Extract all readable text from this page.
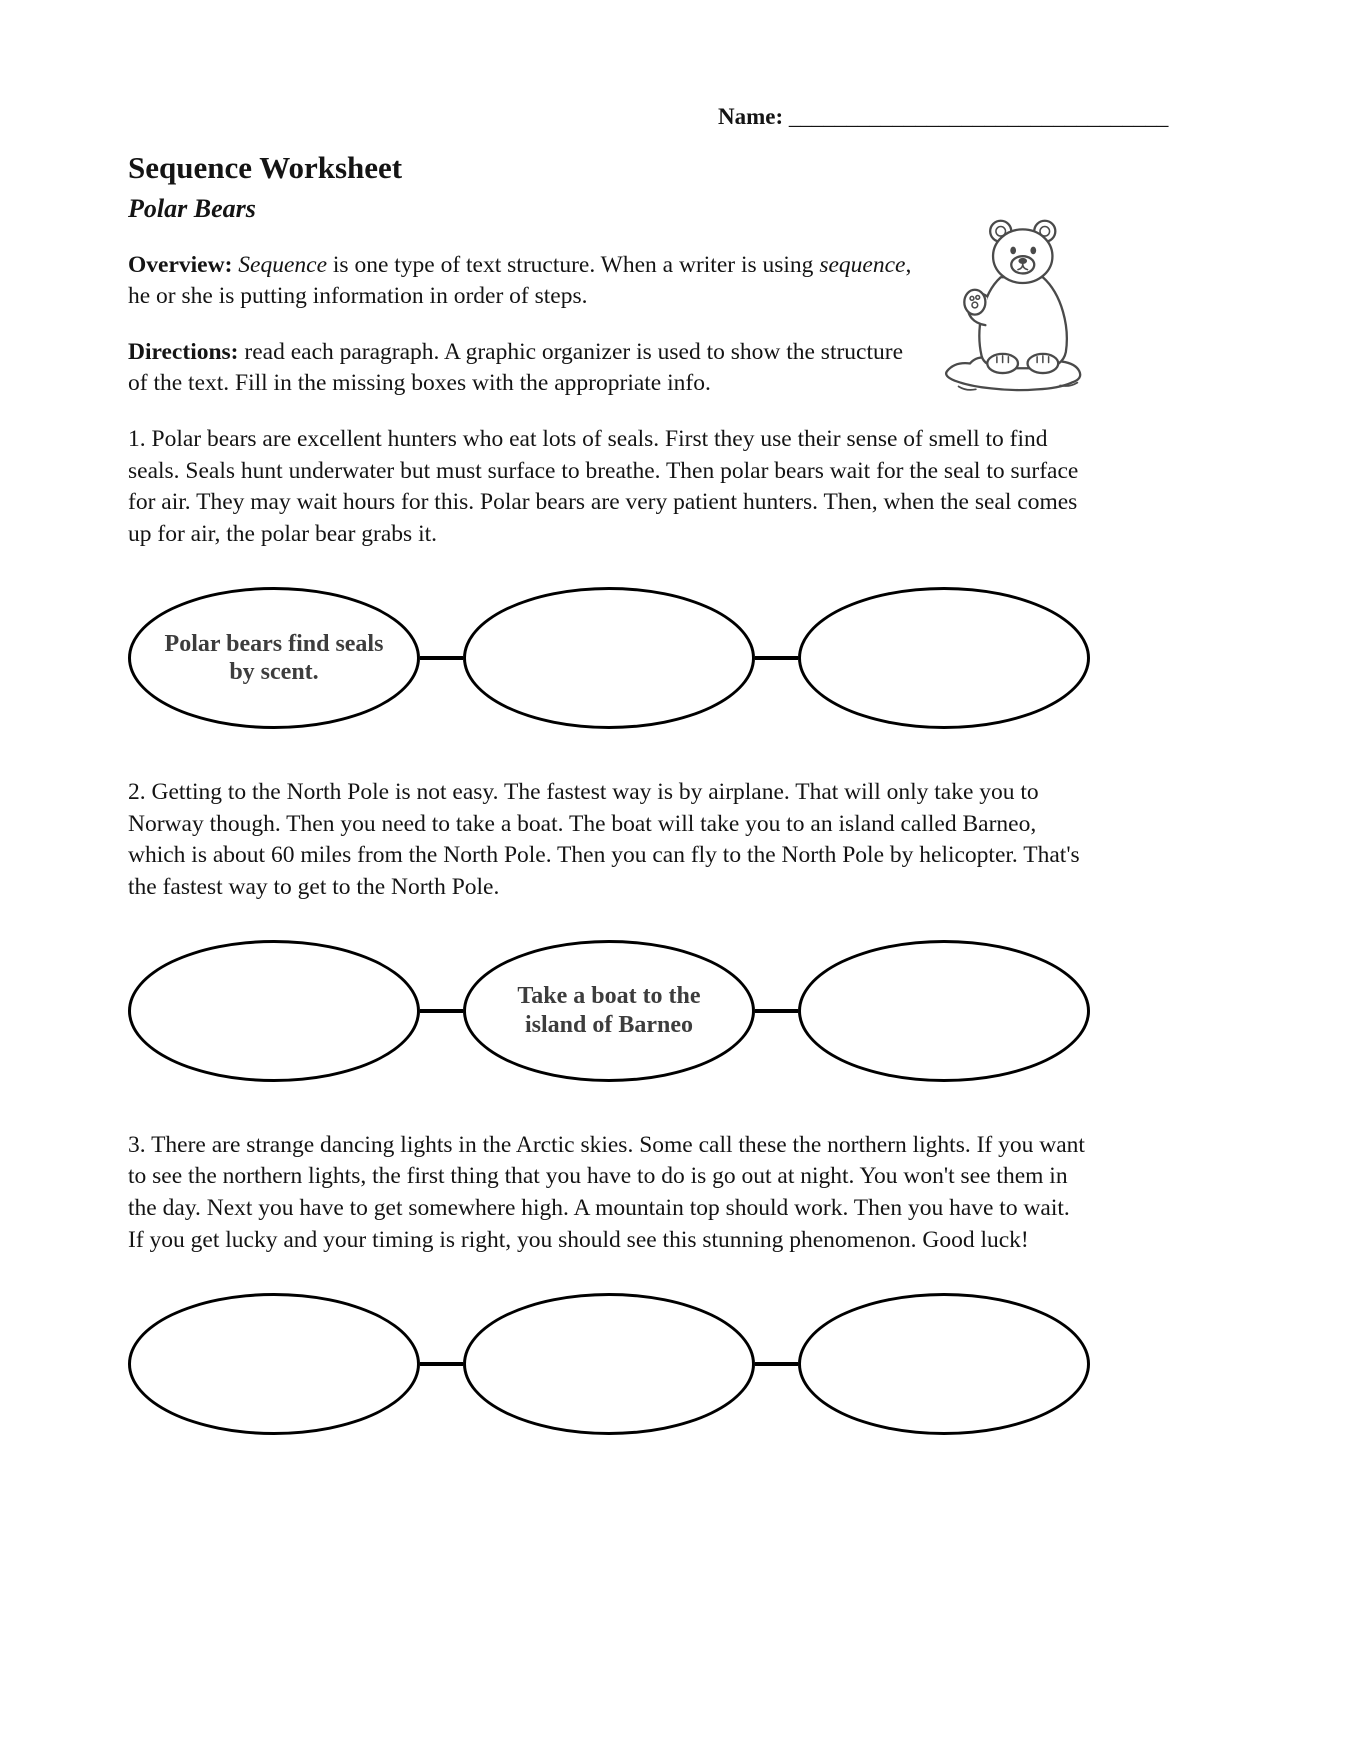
Name: _________________________________
Sequence Worksheet
Polar Bears

Overview: Sequence is one type of text structure. When a writer is using sequence, he or she is putting information in order of steps.

Directions: read each paragraph. A graphic organizer is used to show the structure of the text. Fill in the missing boxes with the appropriate info.

1. Polar bears are excellent hunters who eat lots of seals. First they use their sense of smell to find seals. Seals hunt underwater but must surface to breathe. Then polar bears wait for the seal to surface for air. They may wait hours for this. Polar bears are very patient hunters. Then, when the seal comes up for air, the polar bear grabs it.

Polar bears find seals by scent.

2. Getting to the North Pole is not easy. The fastest way is by airplane. That will only take you to Norway though. Then you need to take a boat. The boat will take you to an island called Barneo, which is about 60 miles from the North Pole. Then you can fly to the North Pole by helicopter. That's the fastest way to get to the North Pole.

Take a boat to the island of Barneo

3. There are strange dancing lights in the Arctic skies. Some call these the northern lights. If you want to see the northern lights, the first thing that you have to do is go out at night. You won't see them in the day. Next you have to get somewhere high. A mountain top should work. Then you have to wait. If you get lucky and your timing is right, you should see this stunning phenomenon. Good luck!
